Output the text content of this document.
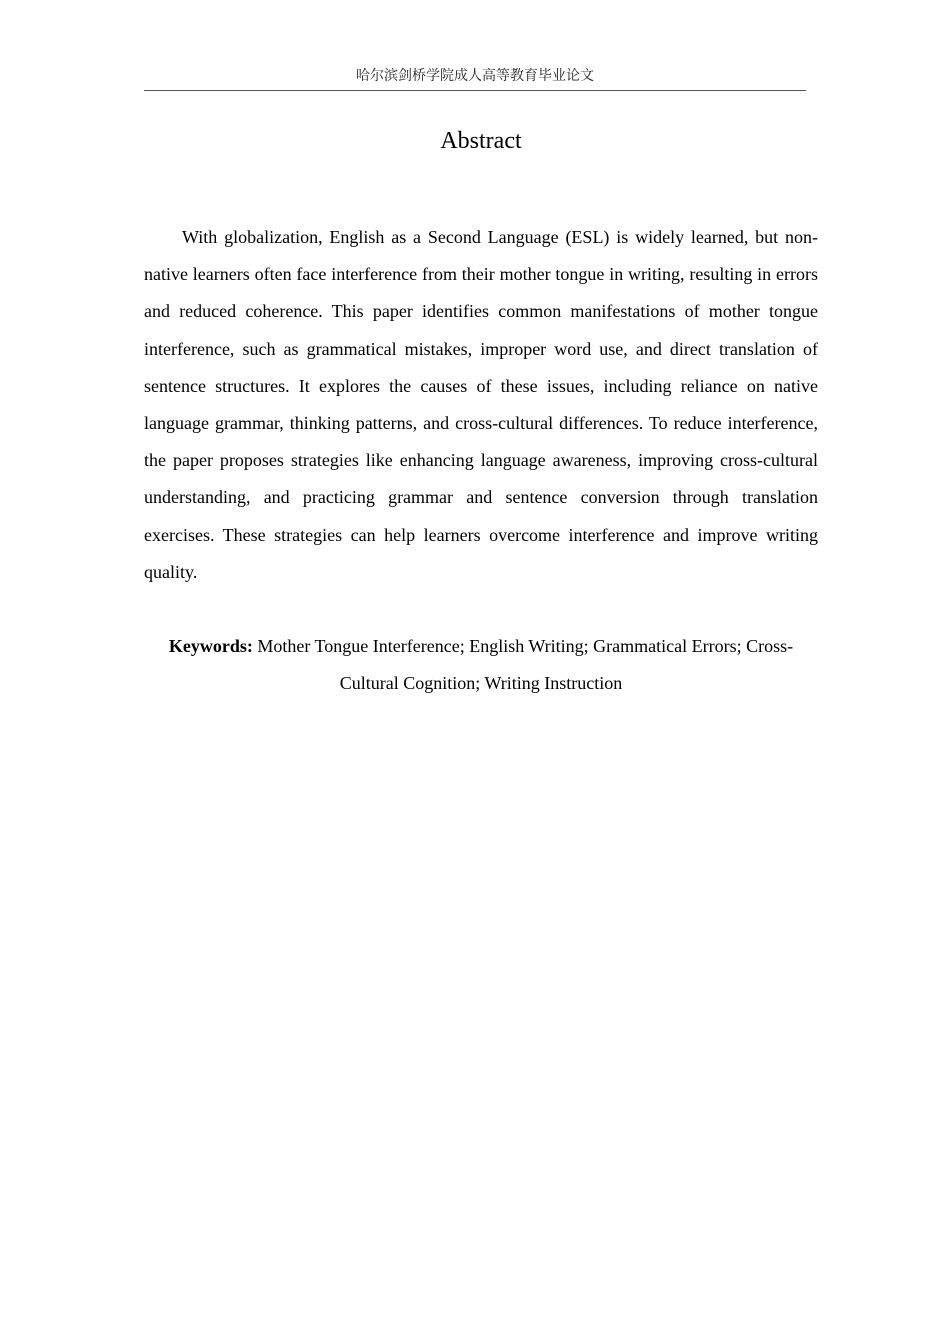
哈尔滨剑桥学院成人高等教育毕业论文
Abstract

With globalization, English as a Second Language (ESL) is widely learned, but non-native learners often face interference from their mother tongue in writing, resulting in errors and reduced coherence. This paper identifies common manifestations of mother tongue interference, such as grammatical mistakes, improper word use, and direct translation of sentence structures. It explores the causes of these issues, including reliance on native language grammar, thinking patterns, and cross-cultural differences. To reduce interference, the paper proposes strategies like enhancing language awareness, improving cross-cultural understanding, and practicing grammar and sentence conversion through translation exercises. These strategies can help learners overcome interference and improve writing quality.

Keywords: Mother Tongue Interference; English Writing; Grammatical Errors; Cross-Cultural Cognition; Writing Instruction
